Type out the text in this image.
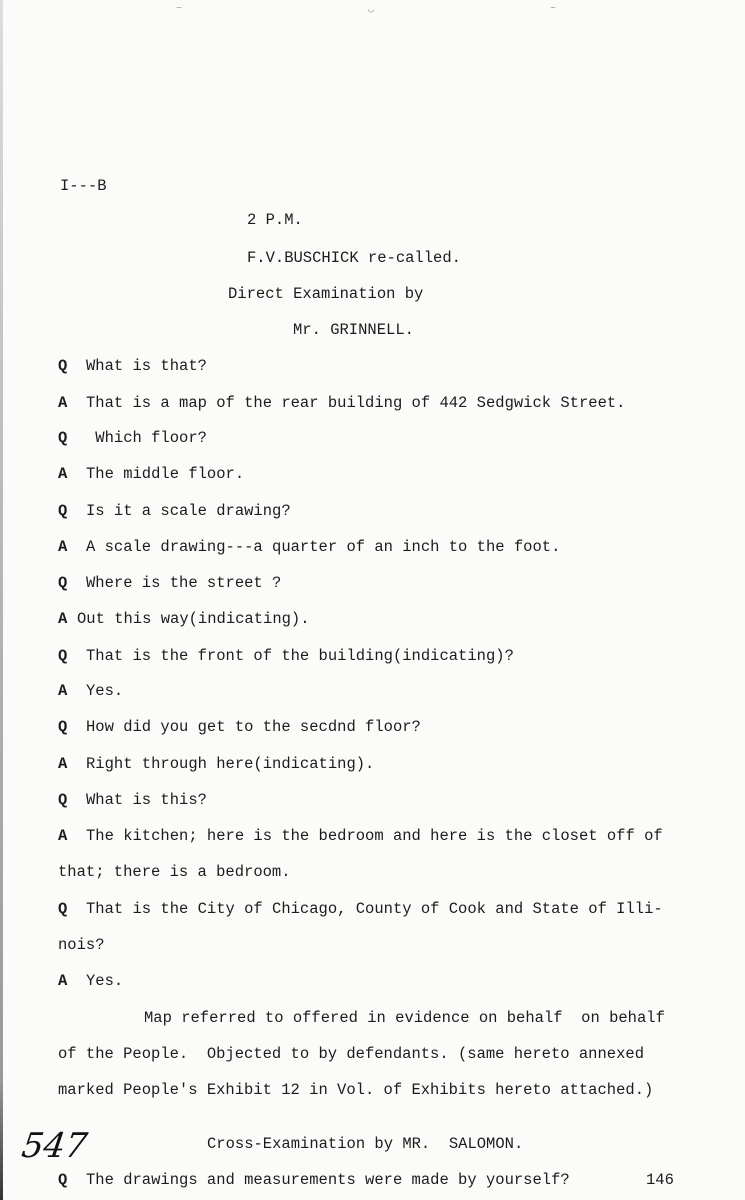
~	◡	~
I---B
2 P.M.
F.V.BUSCHICK re-called.
Direct Examination by
Mr. GRINNELL.
Q What is that?
A That is a map of the rear building of 442 Sedgwick Street.
Q Which floor?
A The middle floor.
Q Is it a scale drawing?
A A scale drawing---a quarter of an inch to the foot.
Q Where is the street ?
A Out this way(indicating).
Q That is the front of the building(indicating)?
A Yes.
Q How did you get to the secdnd floor?
A Right through here(indicating).
Q What is this?
A The kitchen; here is the bedroom and here is the closet off of
that; there is a bedroom.
Q That is the City of Chicago, County of Cook and State of Illi-
nois?
A Yes.
Map referred to offered in evidence on behalf  on behalf
of the People.  Objected to by defendants. (same hereto annexed
marked People's Exhibit 12 in Vol. of Exhibits hereto attached.)
547	Cross-Examination by MR.  SALOMON.
Q The drawings and measurements were made by yourself?	146
